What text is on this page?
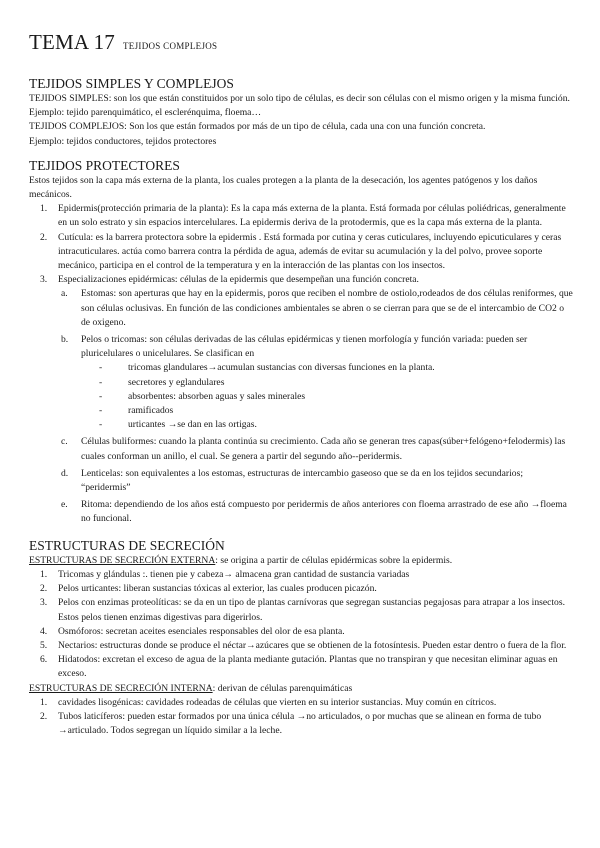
TEMA 17 TEJIDOS COMPLEJOS
TEJIDOS SIMPLES Y COMPLEJOS

TEJIDOS SIMPLES: son los que están constituidos por un solo tipo de células, es decir son células con el mismo origen y la misma función. Ejemplo: tejido parenquimático, el esclerénquima, floema…

TEJIDOS COMPLEJOS: Son los que están formados por más de un tipo de célula, cada una con una función concreta.

Ejemplo: tejidos conductores, tejidos protectores

TEJIDOS PROTECTORES

Estos tejidos son la capa más externa de la planta, los cuales protegen a la planta de la desecación, los agentes patógenos y los daños mecánicos.

1. Epidermis(protección primaria de la planta): Es la capa más externa de la planta. Está formada por células poliédricas, generalmente en un solo estrato y sin espacios intercelulares. La epidermis deriva de la protodermis, que es la capa más externa de la planta.
2. Cutícula: es la barrera protectora sobre la epidermis . Está formada por cutina y ceras cuticulares, incluyendo epicuticulares y ceras intracuticulares. actúa como barrera contra la pérdida de agua, además de evitar su acumulación y la del polvo, provee soporte mecánico, participa en el control de la temperatura y en la interacción de las plantas con los insectos.
3. Especializaciones epidérmicas: células de la epidermis que desempeñan una función concreta.
a. Estomas: son aperturas que hay en la epidermis, poros que reciben el nombre de ostiolo,rodeados de dos células reniformes, que son células oclusivas. En función de las condiciones ambientales se abren o se cierran para que se de el intercambio de CO2 o de oxigeno.
b. Pelos o tricomas: son células derivadas de las células epidérmicas y tienen morfología y función variada: pueden ser pluricelulares o unicelulares. Se clasifican en
-	tricomas glandulares→acumulan sustancias con diversas funciones en la planta.
-	secretores y eglandulares
-	absorbentes: absorben aguas y sales minerales
-	ramificados
-	urticantes →se dan en las ortigas.
c. Células buliformes: cuando la planta continúa su crecimiento. Cada año se generan tres capas(súber+felógeno+felodermis) las cuales conforman un anillo, el cual. Se genera a partir del segundo año--peridermis.
d. Lenticelas: son equivalentes a los estomas, estructuras de intercambio gaseoso que se da en los tejidos secundarios; “peridermis”
e. Ritoma: dependiendo de los años está compuesto por peridermis de años anteriores con floema arrastrado de ese año →floema no funcional.
ESTRUCTURAS DE SECRECIÓN

ESTRUCTURAS DE SECRECIÓN EXTERNA: se origina a partir de células epidérmicas sobre la epidermis.

1. Tricomas y glándulas :. tienen pie y cabeza→ almacena gran cantidad de sustancia variadas
2. Pelos urticantes: liberan sustancias tóxicas al exterior, las cuales producen picazón.
3. Pelos con enzimas proteolíticas: se da en un tipo de plantas carnívoras que segregan sustancias pegajosas para atrapar a los insectos. Estos pelos tienen enzimas digestivas para digerirlos.
4. Osmóforos: secretan aceites esenciales responsables del olor de esa planta.
5. Nectarios: estructuras donde se produce el néctar→azúcares que se obtienen de la fotosíntesis. Pueden estar dentro o fuera de la flor.
6. Hidatodos: excretan el exceso de agua de la planta mediante gutación. Plantas que no transpiran y que necesitan eliminar aguas en exceso.

ESTRUCTURAS DE SECRECIÓN INTERNA: derivan de células parenquimáticas

1. cavidades lisogénicas: cavidades rodeadas de células que vierten en su interior sustancias. Muy común en cítricos.
2. Tubos laticíferos: pueden estar formados por una única célula →no articulados, o por muchas que se alinean en forma de tubo →articulado. Todos segregan un líquido similar a la leche.
